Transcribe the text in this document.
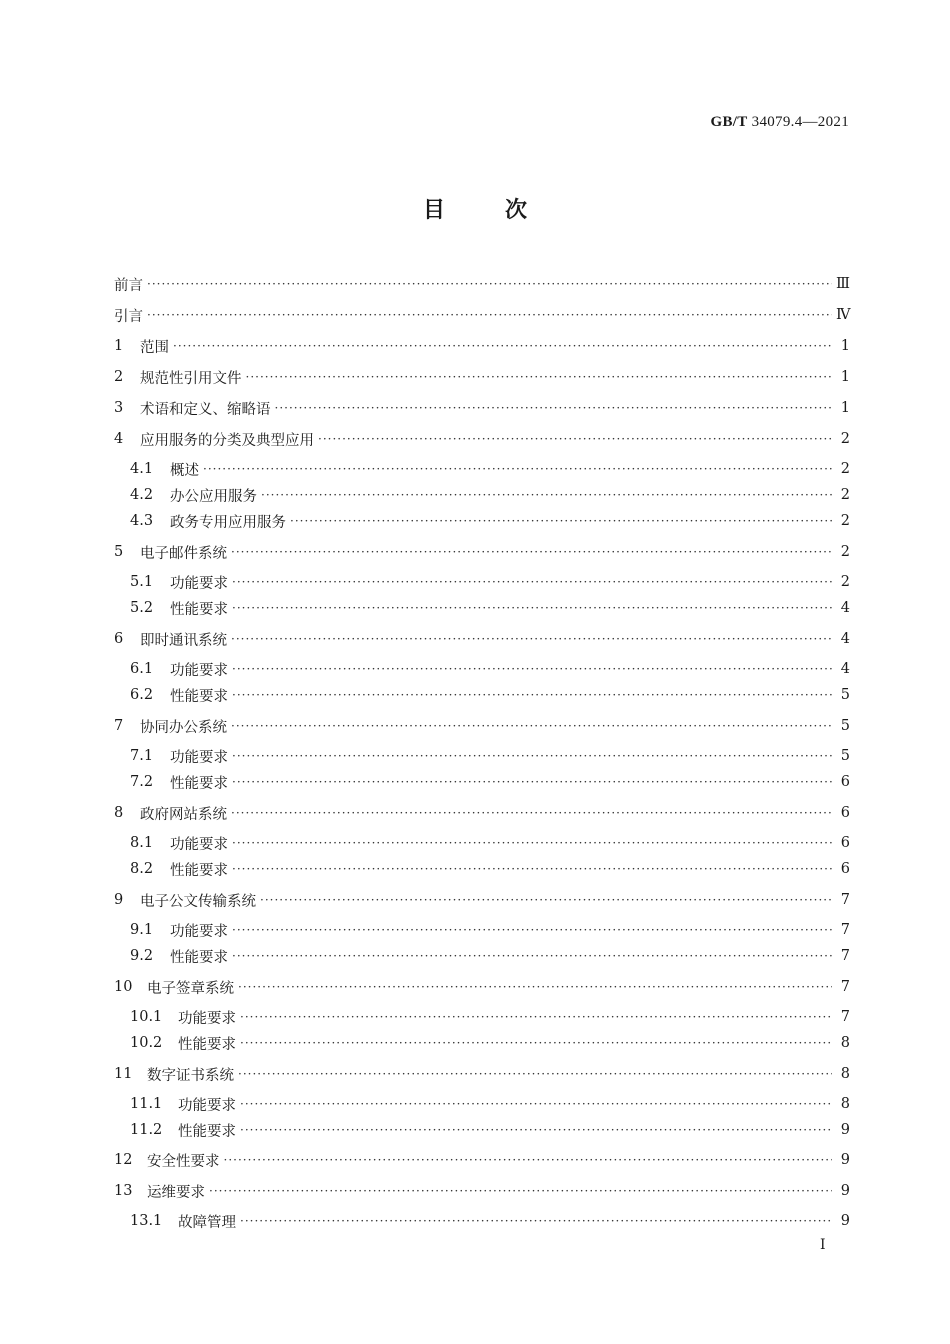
GB/T 34079.4—2021
目	次
前言 ·····	Ⅲ
引言 ·····	Ⅳ
1	范围 ·····	1
2	规范性引用文件 ·····	1
3	术语和定义、缩略语 ·····	1
4	应用服务的分类及典型应用 ·····	2
4.1	概述 ·····	2
4.2	办公应用服务 ·····	2
4.3	政务专用应用服务 ·····	2
5	电子邮件系统 ·····	2
5.1	功能要求 ·····	2
5.2	性能要求 ·····	4
6	即时通讯系统 ·····	4
6.1	功能要求 ·····	4
6.2	性能要求 ·····	5
7	协同办公系统 ·····	5
7.1	功能要求 ·····	5
7.2	性能要求 ·····	6
8	政府网站系统 ·····	6
8.1	功能要求 ·····	6
8.2	性能要求 ·····	6
9	电子公文传输系统 ·····	7
9.1	功能要求 ·····	7
9.2	性能要求 ·····	7
10	电子签章系统 ·····	7
10.1	功能要求 ·····	7
10.2	性能要求 ·····	8
11	数字证书系统 ·····	8
11.1	功能要求 ·····	8
11.2	性能要求 ·····	9
12	安全性要求 ·····	9
13	运维要求 ·····	9
13.1	故障管理 ·····	9
I
